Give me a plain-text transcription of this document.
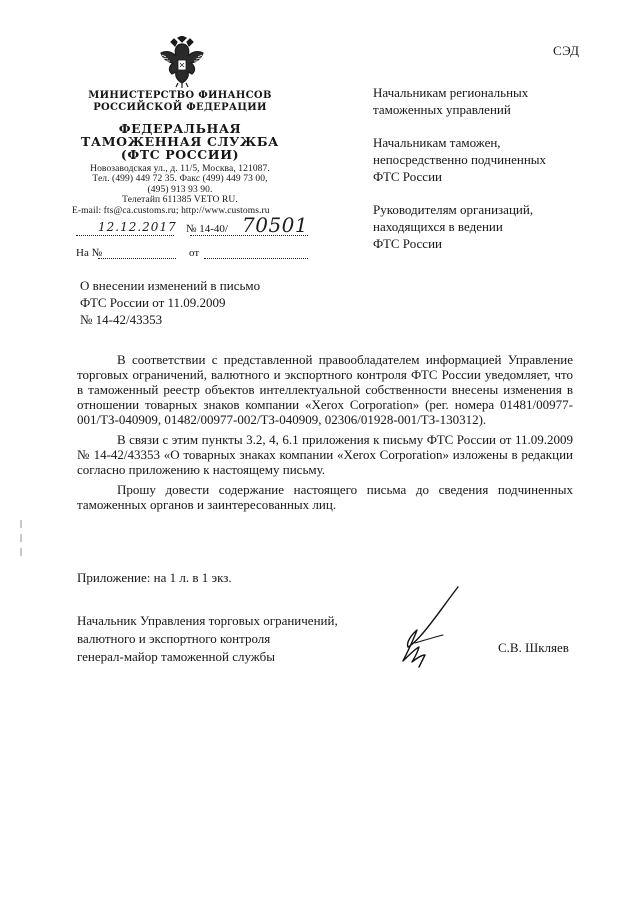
СЭД
МИНИСТЕРСТВО ФИНАНСОВ
РОССИЙСКОЙ ФЕДЕРАЦИИ
ФЕДЕРАЛЬНАЯ
ТАМОЖЕННАЯ СЛУЖБА
(ФТС РОССИИ)
Новозаводская ул., д. 11/5, Москва, 121087.
Тел. (499) 449 72 35. Факс (499) 449 73 00,
(495) 913 93 90.
Телетайп 611385 VETO RU.
E-mail: fts@ca.customs.ru; http://www.customs.ru
12.12.2017 № 14-40/ 70501
На №	от
О внесении изменений в письмо
ФТС России от 11.09.2009
№ 14-42/43353
Начальникам региональных
таможенных управлений
Начальникам таможен,
непосредственно подчиненных
ФТС России
Руководителям организаций,
находящихся в ведении
ФТС России

В соответствии с представленной правообладателем информацией Управление торговых ограничений, валютного и экспортного контроля ФТС России уведомляет, что в таможенный реестр объектов интеллектуальной собственности внесены изменения в отношении товарных знаков компании «Xerox Corporation» (рег. номера 01481/00977-001/ТЗ-040909, 01482/00977-002/ТЗ-040909, 02306/01928-001/ТЗ-130312).

В связи с этим пункты 3.2, 4, 6.1 приложения к письму ФТС России от 11.09.2009 № 14-42/43353 «О товарных знаках компании «Xerox Corporation» изложены в редакции согласно приложению к настоящему письму.

Прошу довести содержание настоящего письма до сведения подчиненных таможенных органов и заинтересованных лиц.

Приложение: на 1 л. в 1 экз.
Начальник Управления торговых ограничений,
валютного и экспортного контроля
генерал-майор таможенной службы
С.В. Шкляев
